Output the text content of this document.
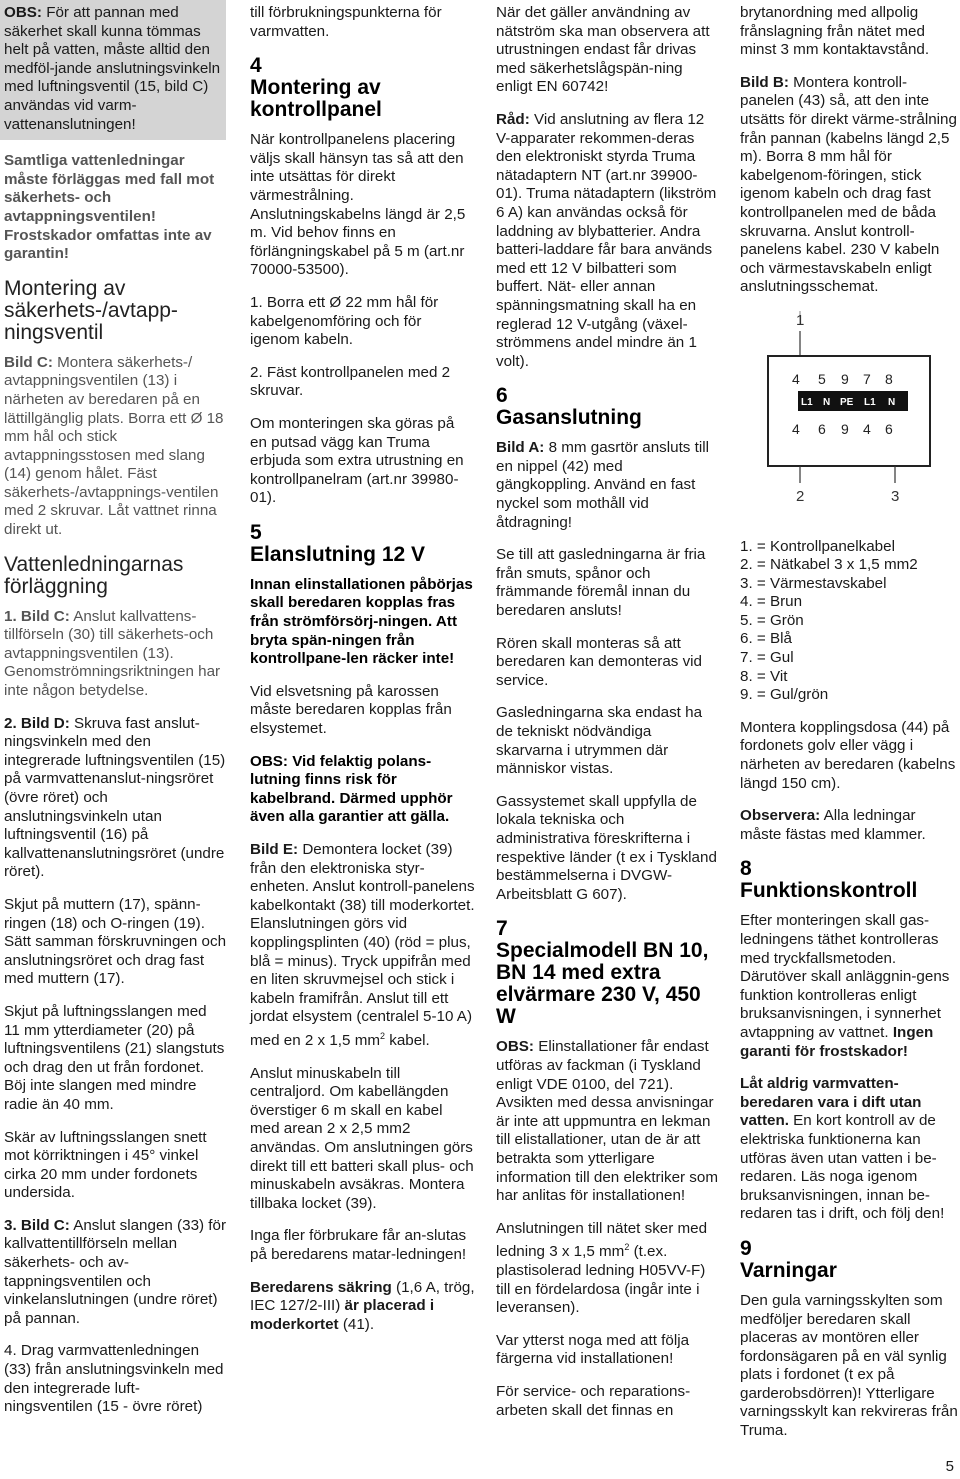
OBS: För att pannan med säkerhet skall kunna tömmas helt på vatten, måste alltid den medföl-jande anslutningsvinkeln med luftningsventil (15, bild C) användas vid varm-vattenanslutningen!

Samtliga vattenledningar måste förläggas med fall mot säkerhets- och avtappningsventilen! Frostskador omfattas inte av garantin!

Montering av säkerhets-/avtapp-ningsventil

Bild C: Montera säkerhets-/ avtappningsventilen (13) i närheten av beredaren på en lättillgänglig plats. Borra ett Ø 18 mm hål och stick avtappningsstosen med slang (14) genom hålet. Fäst säkerhets-/avtappnings-ventilen med 2 skruvar. Låt vattnet rinna direkt ut.

Vattenledningarnas förläggning

1. Bild C: Anslut kallvattens-tillförseln (30) till säkerhets-och avtappningsventilen (13). Genomströmningsriktningen har inte någon betydelse.

2. Bild D: Skruva fast anslut-ningsvinkeln med den integrerade luftningsventilen (15) på varmvattenanslut-ningsröret (övre röret) och anslutningsvinkeln utan luftningsventil (16) på kallvattenanslutningsröret (undre röret).

Skjut på muttern (17), spänn-ringen (18) och O-ringen (19). Sätt samman förskruvningen och anslutningsröret och drag fast med muttern (17).

Skjut på luftningsslangen med 11 mm ytterdiameter (20) på luftningsventilens (21) slangstuts och drag den ut från fordonet. Böj inte slangen med mindre radie än 40 mm.

Skär av luftningsslangen snett mot körriktningen i 45° vinkel cirka 20 mm under fordonets undersida.

3. Bild C: Anslut slangen (33) för kallvattentillförseln mellan säkerhets- och av-tappningsventilen och vinkelanslutningen (undre röret) på pannan.

4. Drag varmvattenledningen (33) från anslutningsvinkeln med den integrerade luft-ningsventilen (15 - övre röret)

till förbrukningspunkterna för varmvatten.

4
Montering av kontrollpanel

När kontrollpanelens placering väljs skall hänsyn tas så att den inte utsättas för direkt värmestrålning. Anslutningskabelns längd är 2,5 m. Vid behov finns en förlängningskabel på 5 m (art.nr 70000-53500).

1. Borra ett Ø 22 mm hål för kabelgenomföring och för igenom kabeln.

2. Fäst kontrollpanelen med 2 skruvar.

Om monteringen ska göras på en putsad vägg kan Truma erbjuda som extra utrustning en kontrollpanelram (art.nr 39980-01).

5
Elanslutning 12 V

Innan elinstallationen påbörjas skall beredaren kopplas fras från strömförsörj-ningen. Att bryta spän-ningen från kontrollpane-len räcker inte!

Vid elsvetsning på karossen måste beredaren kopplas från elsystemet.

OBS: Vid felaktig polans-lutning finns risk för kabelbrand. Därmed upphör även alla garantier att gälla.

Bild E: Demontera locket (39) från den elektroniska styr-enheten. Anslut kontroll-panelens kabelkontakt (38) till moderkortet. Elanslutningen görs vid kopplingsplinten (40) (röd = plus, blå = minus). Tryck uppifrån med en liten skruvmejsel och stick i kabeln framifrån. Anslut till ett jordat elsystem (centralel 5-10 A) med en 2 x 1,5 $mm^2$ kabel.

Anslut minuskabeln till centraljord. Om kabellängden överstiger 6 m skall en kabel med arean 2 x 2,5 mm2 användas. Om anslutningen görs direkt till ett batteri skall plus- och minuskabeln avsäkras. Montera tillbaka locket (39).

Inga fler förbrukare får an-slutas på beredarens matar-ledningen!

Beredarens säkring (1,6 A, trög, IEC 127/2-III) är placerad i moderkortet (41).

När det gäller användning av nätström ska man observera att utrustningen endast får drivas med säkerhetslågspän-ning enligt EN 60742!

Råd: Vid anslutning av flera 12 V-apparater rekommen-deras den elektroniskt styrda Truma nätadaptern NT (art.nr 39900-01). Truma nätadaptern (likström 6 A) kan användas också för laddning av blybatterier. Andra batteri-laddare får bara används med ett 12 V bilbatteri som buffert. Nät- eller annan spänningsmatning skall ha en reglerad 12 V-utgång (växel-strömmens andel mindre än 1 volt).

6
Gasanslutning

Bild A: 8 mm gasrtör ansluts till en nippel (42) med gängkoppling. Använd en fast nyckel som mothåll vid åtdragning!

Se till att gasledningarna är fria från smuts, spånor och främmande föremål innan du beredaren ansluts!

Rören skall monteras så att beredaren kan demonteras vid service.

Gasledningarna ska endast ha de tekniskt nödvändiga skarvarna i utrymmen där människor vistas.

Gassystemet skall uppfylla de lokala tekniska och administrativa föreskrifterna i respektive länder (t ex i Tyskland bestämmelserna i DVGW-Arbeitsblatt G 607).

7
Specialmodell BN 10, BN 14 med extra elvärmare 230 V, 450 W

OBS: Elinstallationer får endast utföras av fackman (i Tyskland enligt VDE 0100, del 721). Avsikten med dessa anvisningar är inte att uppmuntra en lekman till elistallationer, utan de är att betrakta som ytterligare information till den elektriker som har anlitas för installationen!

Anslutningen till nätet sker med ledning 3 x 1,5 $mm^2$ (t.ex. plastisolerad ledning H05VV-F) till en fördelardosa (ingår inte i leveransen).

Var ytterst noga med att följa färgerna vid installationen!

För service- och reparations-arbeten skall det finnas en

brytanordning med allpolig frånslagning från nätet med minst 3 mm kontaktavstånd.

Bild B: Montera kontroll-panelen (43) så, att den inte utsätts för direkt värme-strålning från pannan (kabelns längd 2,5 m). Borra 8 mm hål för kabelgenom-föringen, stick igenom kabeln och drag fast kontrollpanelen med de båda skruvarna. Anslut kontroll-panelens kabel. 230 V kabeln och värmestavskabeln enligt anslutningsschemat.

1
4 5 9 7 8
L1 N PE L1 N
4 6 9 4 6
2	3

1. = Kontrollpanelkabel

2. = Nätkabel 3 x 1,5 mm2

3. = Värmestavskabel

4. = Brun

5. = Grön

6. = Blå

7. = Gul

8. = Vit

9. = Gul/grön

Montera kopplingsdosa (44) på fordonets golv eller vägg i närheten av beredaren (kabelns längd 150 cm).

Observera: Alla ledningar måste fästas med klammer.

8
Funktionskontroll

Efter monteringen skall gas-ledningens täthet kontrolleras med tryckfallsmetoden. Därutöver skall anläggnin-gens funktion kontrolleras enligt bruksanvisningen, i synnerhet avtappning av vattnet. Ingen garanti för frostskador!

Låt aldrig varmvatten-beredaren vara i dift utan vatten. En kort kontroll av de elektriska funktionerna kan utföras även utan vatten i be-redaren. Läs noga igenom bruksanvisningen, innan be-redaren tas i drift, och följ den!

9
Varningar

Den gula varningsskylten som medföljer beredaren skall placeras av montören eller fordonsägaren på en väl synlig plats i fordonet (t ex på garderobsdörren)! Ytterligare varningsskylt kan rekvireras från Truma.

5
